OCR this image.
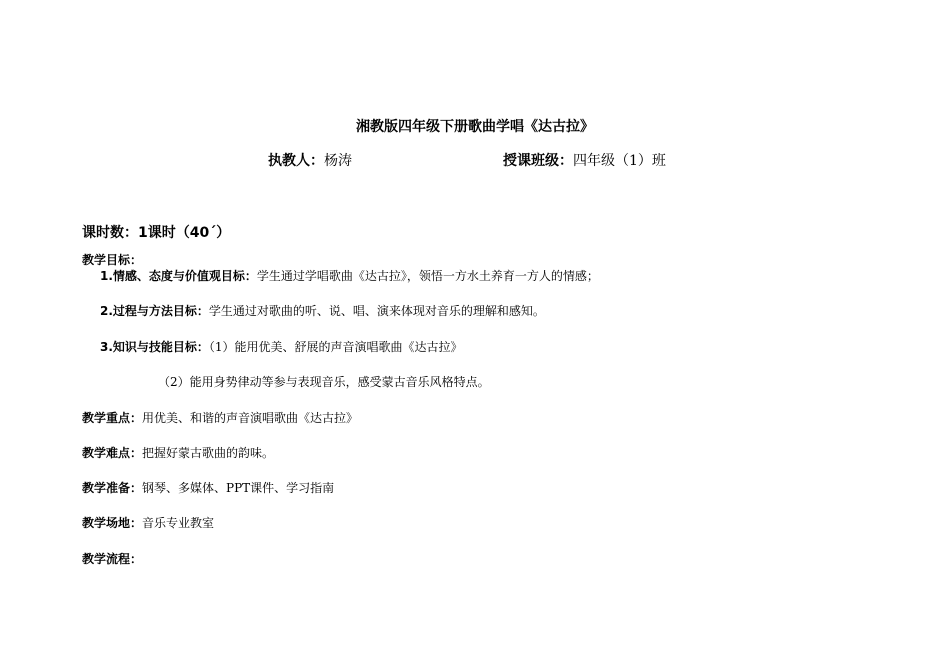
湘教版四年级下册歌曲学唱《达古拉》
执教人：杨涛	授课班级：四年级（1）班
课时数：1课时（40´）
教学目标：
1.情感、态度与价值观目标：学生通过学唱歌曲《达古拉》，领悟一方水土养育一方人的情感；
2.过程与方法目标：学生通过对歌曲的听、说、唱、演来体现对音乐的理解和感知。
3.知识与技能目标：（1）能用优美、舒展的声音演唱歌曲《达古拉》
（2）能用身势律动等参与表现音乐，感受蒙古音乐风格特点。
教学重点：用优美、和谐的声音演唱歌曲《达古拉》
教学难点：把握好蒙古歌曲的韵味。
教学准备：钢琴、多媒体、PPT课件、学习指南
教学场地：音乐专业教室
教学流程：
